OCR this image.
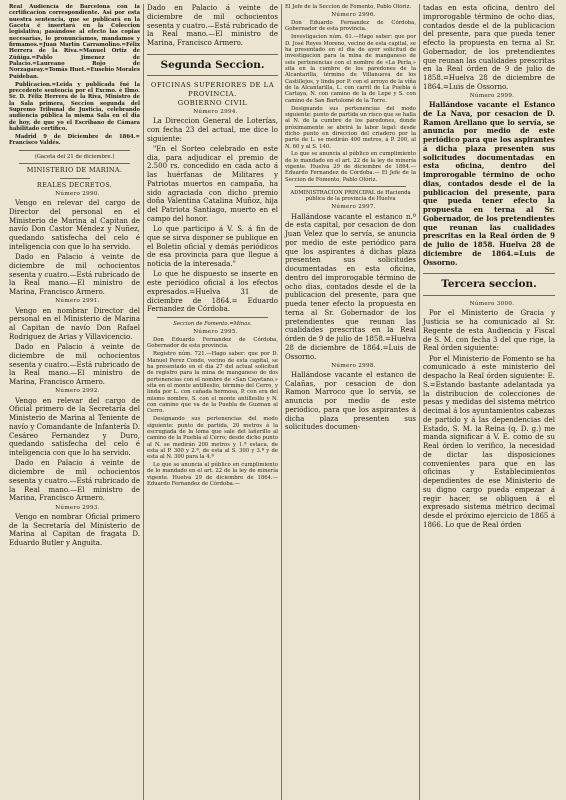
Real Audiencia de Barcelona con la certificacion correspondiente. Asi por esta nuestra sentencia, que se publicará en la Gaceta é insertará en la Coleccion legislativa; pasándose al efecto las copias necesarias, lo pronunciamos, mandamos y firmamos.=Juan Martin Carramolino.=Félix Herrera de la Riva.=Manuel Ortiz de Zúñiga.=Pablo Jimenez de Palacio.=Laureano Rojo de Norzagaray.=Tomás Huet.=Eusebio Morales Puideban.

Publicacion.=Leida y publicada fué la precedente sentencia por el Excmo. é Ilmo. Sr. D. Félix Herrera de la Riva, Ministro de la Sala primera, Seccion segunda del Supremo Tribunal de Justicia, celebrando audiencia pública la misma Sala en el dia de hoy, de que yo el Escribano de Cámara habilitado certifico.

Madrid 9 de Diciembre de 1864.= Francisco Valdés.

(Gaceta del 21 de diciembre.)

MINISTERIO DE MARINA.

REALES DECRETOS.

Número 2990.

Vengo en relevar del cargo de Director del personal en el Ministerio de Marina al Capitan de navío Don Castor Méndez y Nuñez, quedando satisfecha del celo é inteligencia con que lo ha servido.

Dado en Palacio á veinte de diciembre de mil ochocientos sesenta y cuatro.—Está rubricado de la Real mano.—El ministro de Marina, Francisco Armero.

Número 2991.

Vengo en nombrar Director del personal en el Ministerio de Marina al Capitan de navío Don Rafael Rodriguez de Arias y Villavicencio.

Dado en Palacio á veinte de diciembre de mil ochocientos sesenta y cuatro.—Está rubricado de la Real mano.—El ministro de Marina, Francisco Armero.

Número 2992.

Vengo en relevar del cargo de Oficial primero de la Secretaría del Ministerio de Marina al Teniente de navío y Comandante de Infantería D. Cesáreo Fernandez y Duro, quedando satisfecha del celo é inteligencia con que lo ha servido.

Dado en Palacio á veinte de diciembre de mil ochocientos sesenta y cuatro.—Está rubricado de la Real mano.—El ministro de Marina, Francisco Armero.

Número 2993.

Vengo en nombrar Oficial primero de la Secretaría del Ministerio de Marina al Capitan de fragata D. Eduardo Butler y Anguita.

Dado en Palacio á veinte de diciembre de mil ochocientos sesenta y cuatro.—Está rubricado de la Real mano.—El ministro de Marina, Francisco Armero.

Segunda Seccion.

OFICINAS SUPERIORES DE LA PROVINCIA.

GOBIERNO CIVIL

Número 2994.

La Direccion General de Loterías, con fecha 23 del actual, me dice lo siguiente:

"En el Sorteo celebrado en este dia, para adjudicar el premio de 2.500 rs. concedido en cada acto á las huérfanas de Militares y Patriotas muertos en campaña, ha sido agraciada con dicho premio doña Valentina Catalina Muñoz, hija del Patriota Santiago, muerto en el campo del honor.

Lo que participo á V. S. á fin de que se sirva disponer se publique en el Boletin oficial y demás periódicos de esa provincia para que llegue á noticia de la interesada."

Lo que he dispuesto se inserte en este periódico oficial á los efectos expresados.=Huelva 31 de diciembre de 1864.= Eduardo Fernandez de Córdoba.

Seccion de Fomento.=Minas.

Número 2995.

Don Eduardo Fernandez de Córdoba, Gobernador de esta provincia.

Registro núm. 721.—Hago saber: que por D. Manuel Perez Conde, vecino de esta capital, se ha presentado en el dia 27 del actual solicitud de registro para la mina de manganeso de dos pertenencias con el nombre de «San Cayetano,» sita en el monte antilleslio, término del Cerro, y linda por L. con cañada hermosa, P. con era del mismo nombre, S. con el monte antillesllo y N. con camino que va de la Puebla de Guzman al Cerro.

Designando sus pertenencias del modo siguiente: punto de partida, 20 metros á la escrugiada de la loma que sale del lañerillo al camino de la Puebla al Cerro; desde dicho punto al N. se medirán 200 metros y 1.ª estaca, de esta al P. 300 y 2.ª, de esta al S. 300 y 3.ª y de esta al N. 300 para la 4.ª

Lo que se anuncia al público en cumplimiento de lo mandado en el art. 22 de la ley de minería vigente. Huelva 29 de diciembre de 1864.— Eduardo Fernandez de Córdoba.—

El Jefe de la Seccion de Fomento, Pablo Olóriz.

Número 2996.

Don Eduardo Fernandez de Córdoba, Gobernador de esta provincia.

Investigacion núm. 61.—Hago saber: que por D. José Reyes Moreno, vecino de esta capital, se ha presentado en el dia de ayer solicitud de investigacion para la mina de manganeso de seis pertenencias con el nombre de «La Perla,» sita en la cumbre de los paredones de la Alcantarilla, término de Villanueva de los Castillejos, y linda por P. con el arroyo de la viña de la Alcantarilla, L. con carril de La Puebla á Cartaya, N. con camino de la de Lepe y S. con camino de San Bartolomé de la Torre.

Designando sus pertenencias del modo siguiente: punto de partida un risco que se halla al N. de la cumbre de los paredones, donde próximamente se abrirá la labor legal: desde dicho punto en direccion del criadero por la parte de L. se medirán 400 metros, á P. 200, al N. 60 y al S. 140.

Lo que se anuncia al público en cumplimiento de lo mandado en el art. 22 de la ley de minería vigente. Huelva 29 de diciembre de 1864.— Eduardo Fernandez de Córdoba.— El Jefe de la Seccion de Fomento, Pablo Olóriz.

ADMINISTRACION PRINCIPAL de Hacienda pública de la provincia de Huelva

Número 2997.

Hallándose vacante el estanco n.º de esta capital, por cesacion de don Juan Velez que lo servía, se anuncia por medio de este periódico para que los aspirantes á dichas plaza presenten sus solicitudes documentadas en esta oficina, dentro del improrogable término de ocho dias, contados desde el de la publicacion del presente, para que pueda tener efecto la propuesta en terna al Sr. Gobernador de los pretendientes que reunan las cualidades prescritas en la Real órden de 9 de julio de 1858.=Huelva 28 de diciembre de 1864.=Luis de Ossorno.

Número 2998.

Hallándose vacante el estanco de Calañas, por cesacion de don Ramon Marroco que lo servía, se anuncia por medio de este periódico, para que los aspirantes á dicha plaza presenten sus solicitudes documen-

tadas en esta oficina, dentro del improrogable término de ocho dias, contados desde el de la publicacion del presente, para que pueda tener efecto la propuesta en terna al Sr. Gobernador, de los pretendientes que reunan las cualidades prescritas en la Real órden de 9 de julio de 1858.=Huelva 28 de diciembre de 1864.=Luis de Ossorno.

Número 2999.

Hallándose vacante el Estanco de La Nava, por cesacion de D. Ramon Arellano que lo servía, se anuncia por medio de este periódico para que los aspirantes á dicha plaza presenten sus solicitudes documentadas en esta oficina, dentro del improrogable término de ocho dias, contados desde el de la publicacion del presente, para que pueda tener efecto la propuesta en terna al Sr. Gobernador, de los pretendientes que reunan las cualidades prescritas en la Real órden de 9 de julio de 1858. Huelva 28 de diciembre de 1864.=Luis de Ossorno.

Tercera seccion.

Número 3000.

Por el Ministerio de Gracia y Justicia se ha comunicado al Sr. Regente de esta Audiencia y Fiscal de S. M. con fecha 3 del que rige, la Real órden siguiente:

Por el Ministerio de Fomento se ha comunicado á este ministerio del despacho la Real órden siguiente: E. S.=Estando bastante adelantada ya la distribucion de colecciones de pesas y medidas del sistema métrico decimal á los ayuntamientos cabezas de partido y á las dependencias del Estado, S. M. la Reina (q. D. g.) me manda significar á V. E. como de su Real órden lo verifico, la necesidad de dictar las disposiciones convenientes para que en las oficinas y Establecimientos dependientes de ese Ministerio de su digno cargo pueda empezar á regir hacer, se obliguen á el expresado sistema métrico decimal desde el próximo ejercicio de 1865 á 1866. Lo que de Real órden
